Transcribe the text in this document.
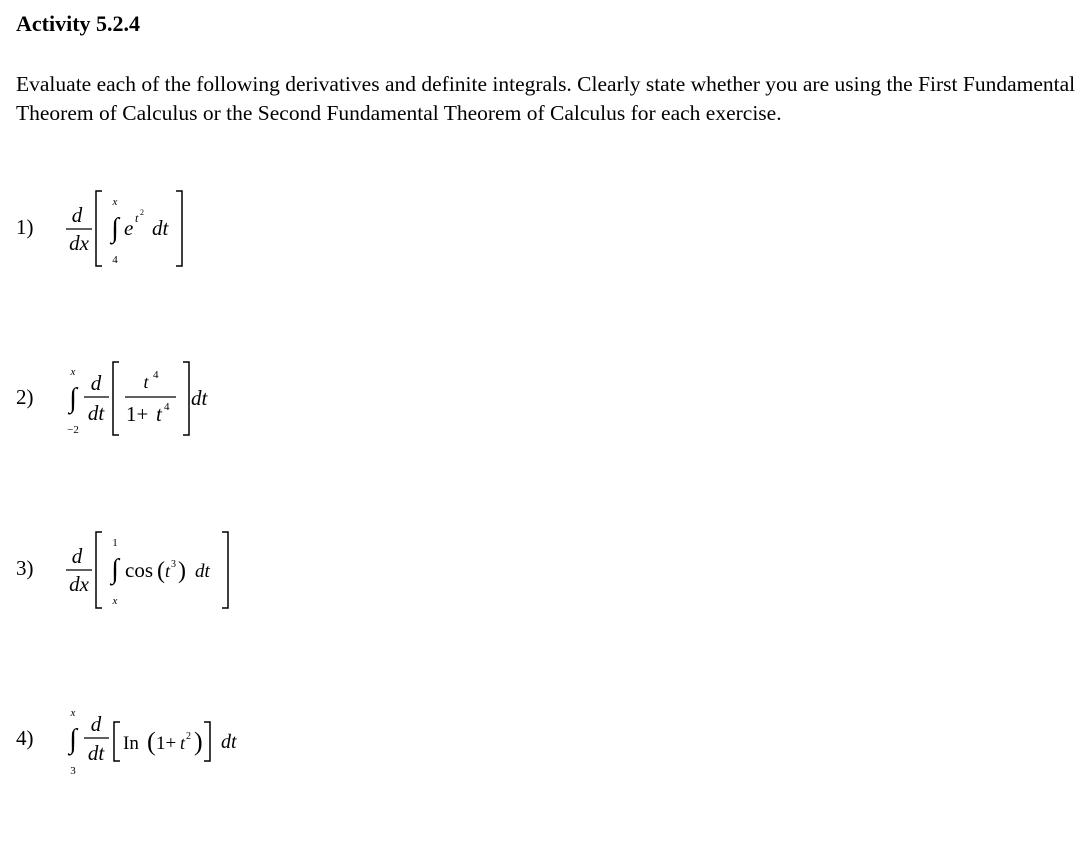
Activity 5.2.4
Evaluate each of the following derivatives and definite integrals. Clearly state whether you are using the First Fundamental Theorem of Calculus or the Second Fundamental Theorem of Calculus for each exercise.
1)
2)
3)
4)
d
dx
x
∫
4
e t 2
dt
x
∫
−2
d
dt
t 4
1+ t 4 dt
d
dx
1
∫
x
cos ( t 3 ) dt
x
∫
3
d
dt In ( 1+ t 2 ) dt
